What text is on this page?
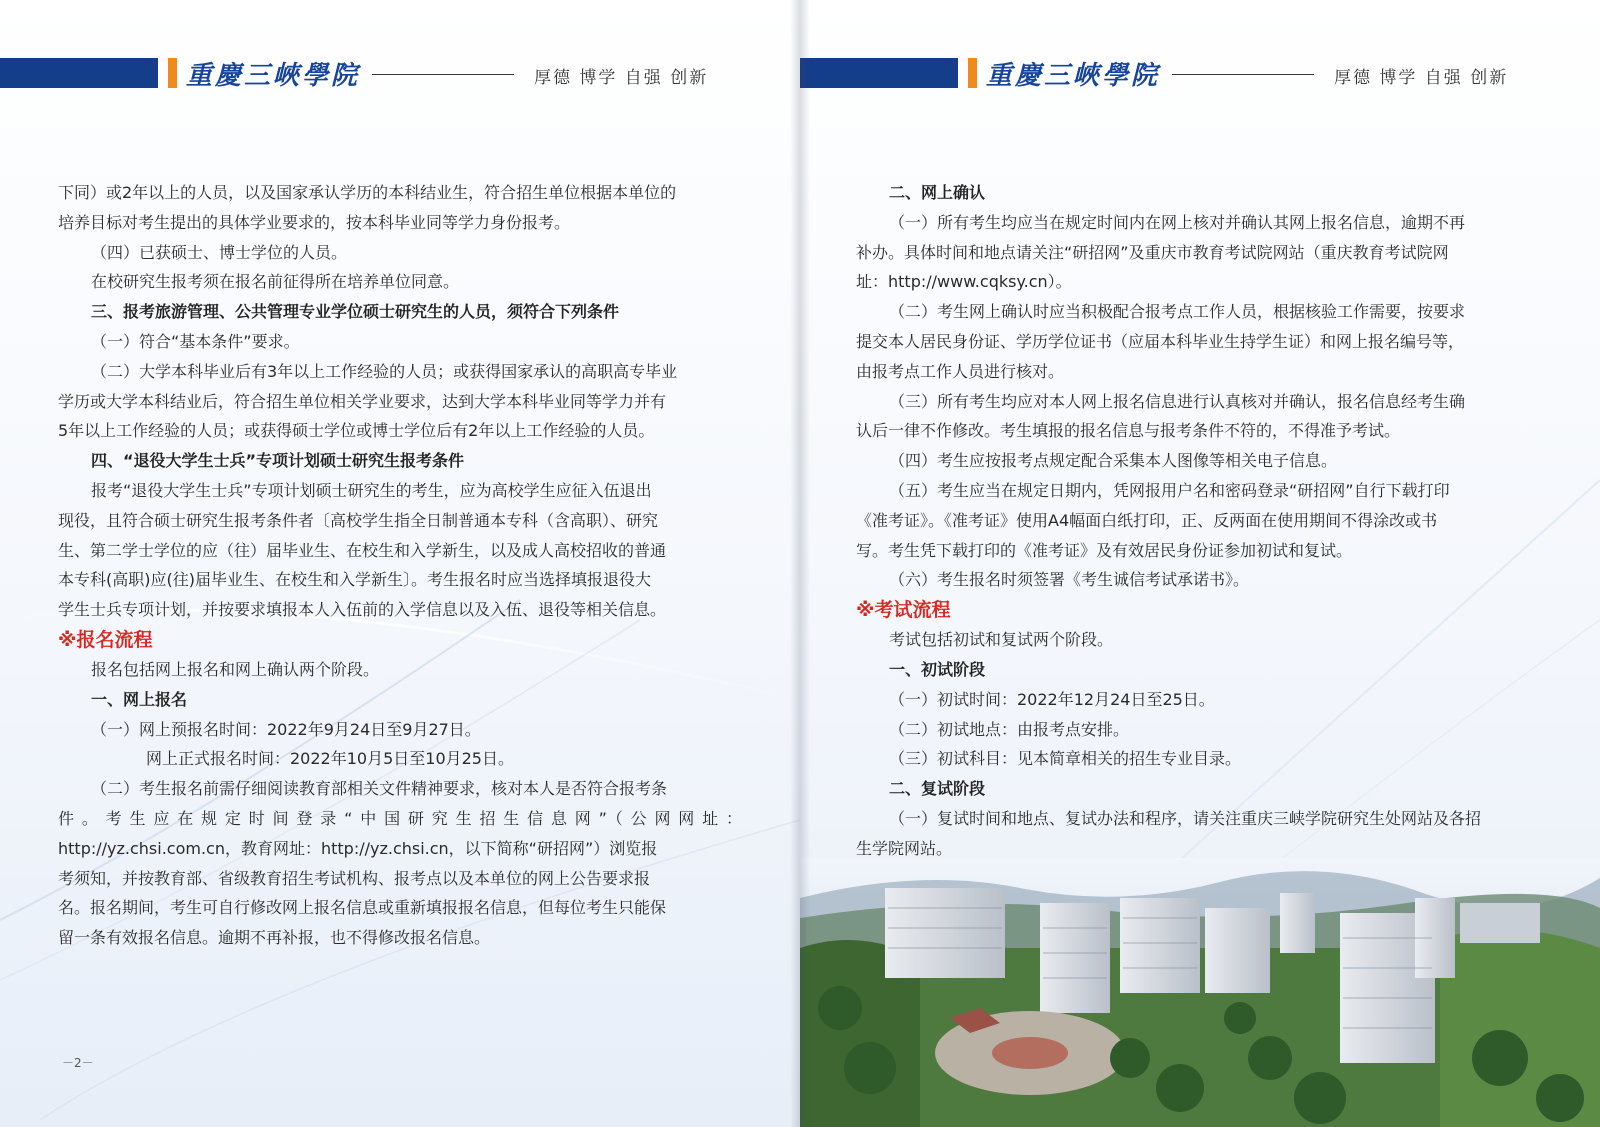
重慶三峽學院	厚德 博学 自强 创新
下同）或2年以上的人员，以及国家承认学历的本科结业生，符合招生单位根据本单位的
培养目标对考生提出的具体学业要求的，按本科毕业同等学力身份报考。
（四）已获硕士、博士学位的人员。
在校研究生报考须在报名前征得所在培养单位同意。
三、报考旅游管理、公共管理专业学位硕士研究生的人员，须符合下列条件
（一）符合“基本条件”要求。
（二）大学本科毕业后有3年以上工作经验的人员；或获得国家承认的高职高专毕业
学历或大学本科结业后，符合招生单位相关学业要求，达到大学本科毕业同等学力并有
5年以上工作经验的人员；或获得硕士学位或博士学位后有2年以上工作经验的人员。
四、“退役大学生士兵”专项计划硕士研究生报考条件
报考“退役大学生士兵”专项计划硕士研究生的考生，应为高校学生应征入伍退出
现役，且符合硕士研究生报考条件者〔高校学生指全日制普通本专科（含高职）、研究
生、第二学士学位的应（往）届毕业生、在校生和入学新生，以及成人高校招收的普通
本专科(高职)应(往)届毕业生、在校生和入学新生〕。考生报名时应当选择填报退役大
学生士兵专项计划，并按要求填报本人入伍前的入学信息以及入伍、退役等相关信息。
※报名流程
报名包括网上报名和网上确认两个阶段。
一、网上报名
（一）网上预报名时间：2022年9月24日至9月27日。
网上正式报名时间：2022年10月5日至10月25日。
（二）考生报名前需仔细阅读教育部相关文件精神要求，核对本人是否符合报考条
件。考生应在规定时间登录“中国研究生招生信息网”（公网网址：
http://yz.chsi.com.cn，教育网址：http://yz.chsi.cn，以下简称“研招网”）浏览报
考须知，并按教育部、省级教育招生考试机构、报考点以及本单位的网上公告要求报
名。报名期间，考生可自行修改网上报名信息或重新填报报名信息，但每位考生只能保
留一条有效报名信息。逾期不再补报，也不得修改报名信息。
－2－
重慶三峽學院	厚德 博学 自强 创新
二、网上确认
（一）所有考生均应当在规定时间内在网上核对并确认其网上报名信息，逾期不再
补办。具体时间和地点请关注“研招网”及重庆市教育考试院网站（重庆教育考试院网
址：http://www.cqksy.cn）。
（二）考生网上确认时应当积极配合报考点工作人员，根据核验工作需要，按要求
提交本人居民身份证、学历学位证书（应届本科毕业生持学生证）和网上报名编号等，
由报考点工作人员进行核对。
（三）所有考生均应对本人网上报名信息进行认真核对并确认，报名信息经考生确
认后一律不作修改。考生填报的报名信息与报考条件不符的，不得准予考试。
（四）考生应按报考点规定配合采集本人图像等相关电子信息。
（五）考生应当在规定日期内，凭网报用户名和密码登录“研招网”自行下载打印
《准考证》。《准考证》使用A4幅面白纸打印，正、反两面在使用期间不得涂改或书
写。考生凭下载打印的《准考证》及有效居民身份证参加初试和复试。
（六）考生报名时须签署《考生诚信考试承诺书》。
※考试流程
考试包括初试和复试两个阶段。
一、初试阶段
（一）初试时间：2022年12月24日至25日。
（二）初试地点：由报考点安排。
（三）初试科目：见本简章相关的招生专业目录。
二、复试阶段
（一）复试时间和地点、复试办法和程序，请关注重庆三峡学院研究生处网站及各招
生学院网站。
